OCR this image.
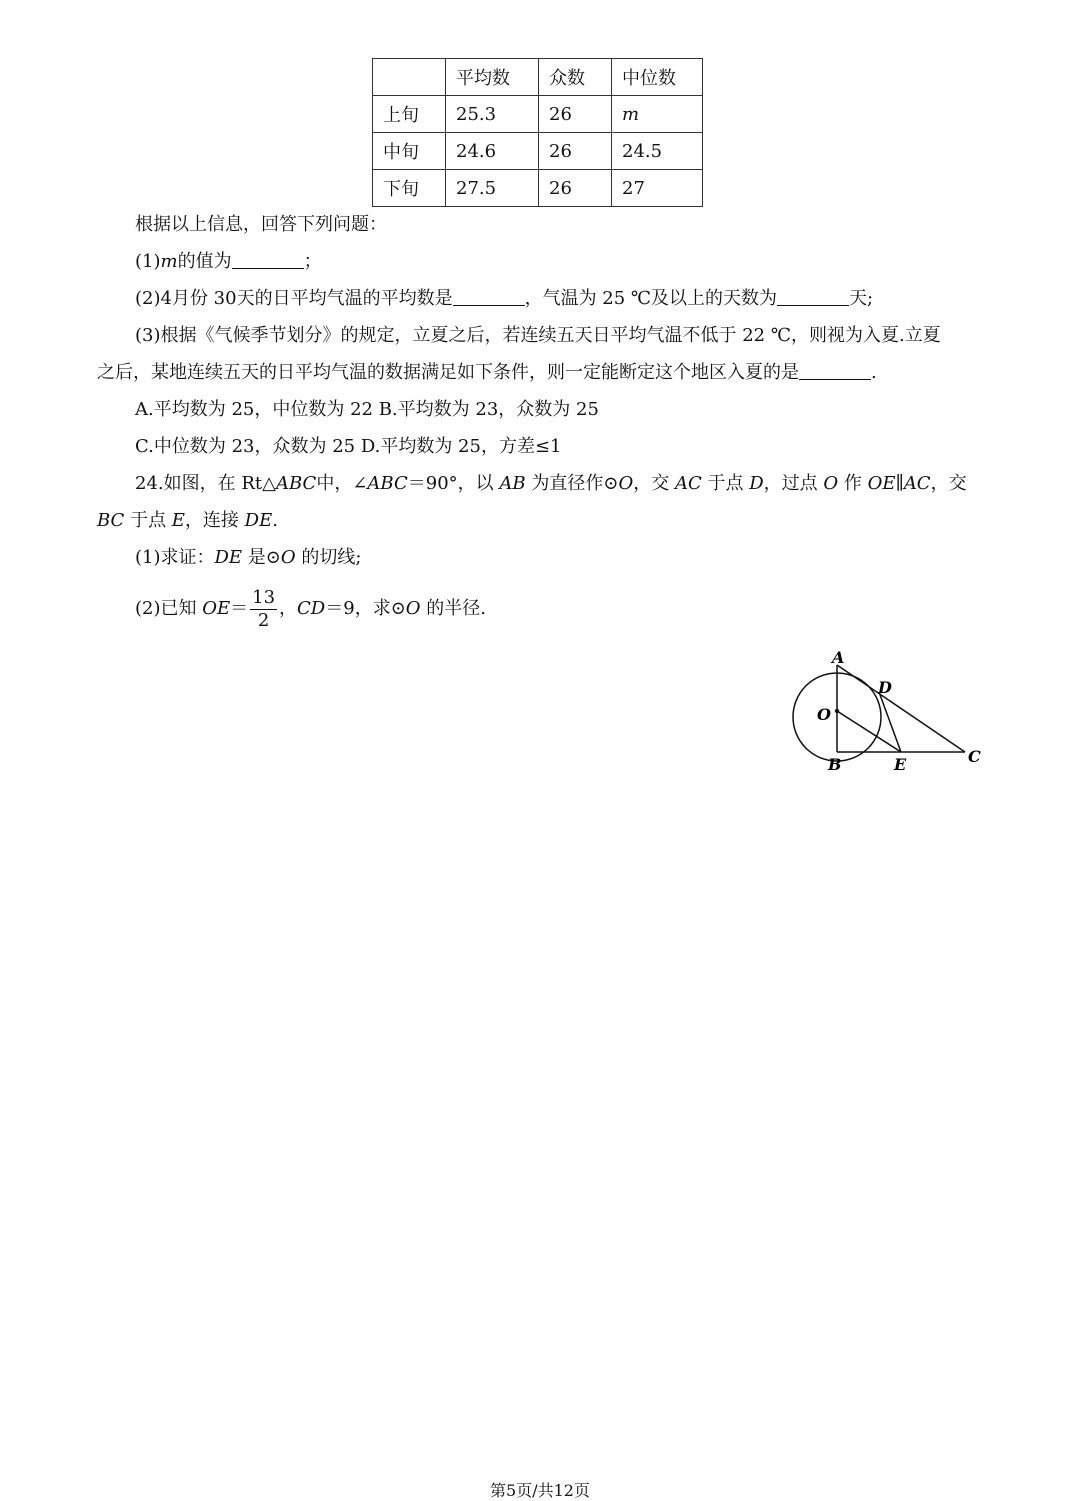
	平均数	众数	中位数
上旬	25.3	26	m
中旬	24.6	26	24.5
下旬	27.5	26	27
根据以上信息，回答下列问题：
(1)m的值为	；
(2)4月份 30天的日平均气温的平均数是	，气温为 25 ℃及以上的天数为	天;
(3)根据《气候季节划分》的规定，立夏之后，若连续五天日平均气温不低于 22 ℃，则视为入夏.立夏
之后，某地连续五天的日平均气温的数据满足如下条件，则一定能断定这个地区入夏的是	.
A.平均数为 25，中位数为 22 B.平均数为 23，众数为 25
C.中位数为 23，众数为 25 D.平均数为 25，方差≤1
24.如图，在 Rt△ABC中，∠ABC＝90°，以 AB 为直径作⊙O，交 AC 于点 D，过点 O 作 OE∥AC，交
BC 于点 E，连接 DE.
(1)求证：DE 是⊙O 的切线;
(2)已知 $OE= \frac{13}{2}$ ，CD＝9，求⊙O 的半径.
A
D
O
B	E	C
第5页/共12页
